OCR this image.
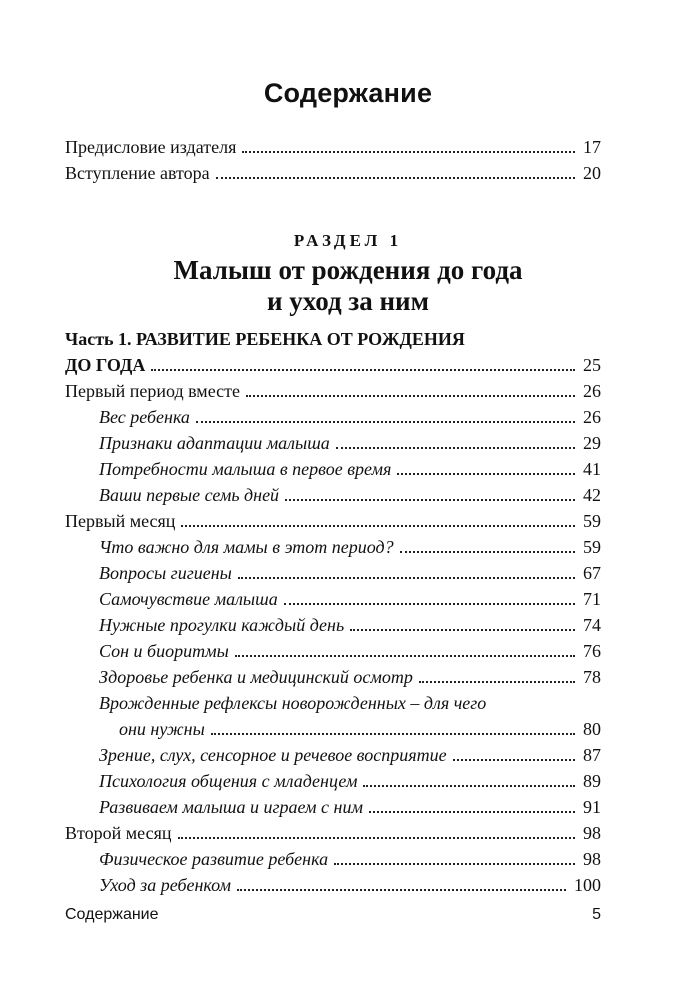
Содержание
Предисловие издателя	17
Вступление автора	20
РАЗДЕЛ 1
Малыш от рождения до года
и уход за ним
Часть 1. РАЗВИТИЕ РЕБЕНКА ОТ РОЖДЕНИЯ
ДО ГОДА	25
Первый период вместе	26
Вес ребенка	26
Признаки адаптации малыша	29
Потребности малыша в первое время	41
Ваши первые семь дней	42
Первый месяц	59
Что важно для мамы в этот период?	59
Вопросы гигиены	67
Самочувствие малыша	71
Нужные прогулки каждый день	74
Сон и биоритмы	76
Здоровье ребенка и медицинский осмотр	78
Врожденные рефлексы новорожденных – для чего
они нужны	80
Зрение, слух, сенсорное и речевое восприятие	87
Психология общения с младенцем	89
Развиваем малыша и играем с ним	91
Второй месяц	98
Физическое развитие ребенка	98
Уход за ребенком	100
Содержание	5
